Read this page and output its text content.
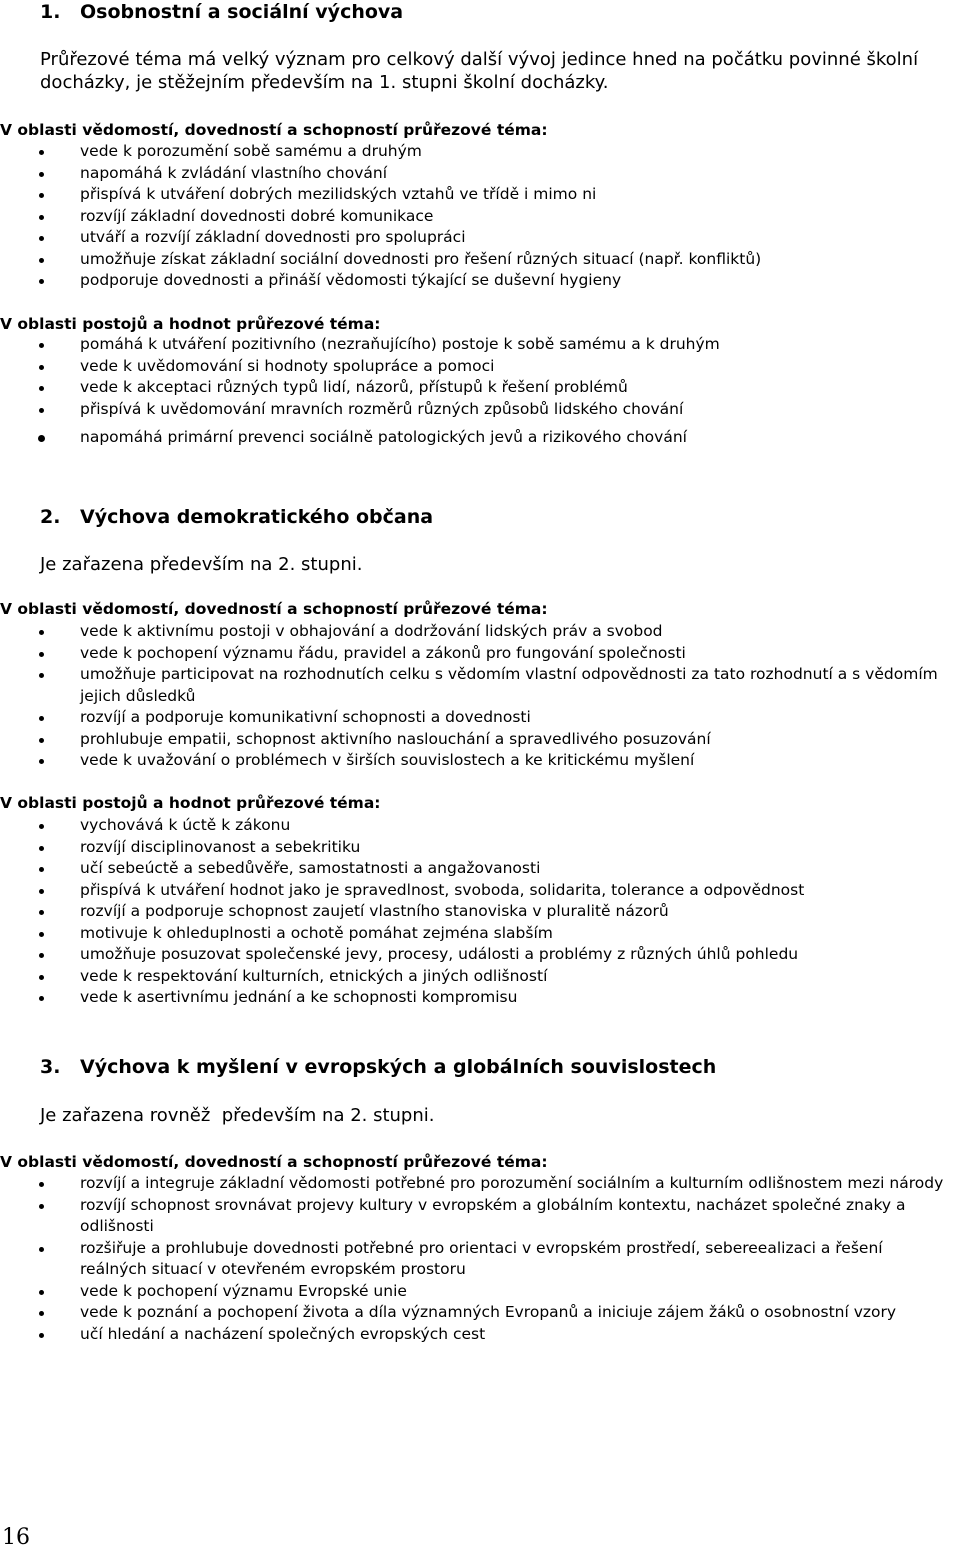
1. Osobnostní a sociální výchova
Průřezové téma má velký význam pro celkový další vývoj jedince hned na počátku povinné školní docházky, je stěžejním především na 1. stupni školní docházky.
V oblasti vědomostí, dovedností a schopností průřezové téma:
vede k porozumění sobě samému a druhým
napomáhá k zvládání vlastního chování
přispívá k utváření dobrých mezilidských vztahů ve třídě i mimo ni
rozvíjí základní dovednosti dobré komunikace
utváří a rozvíjí základní dovednosti pro spolupráci
umožňuje získat základní sociální dovednosti pro řešení různých situací (např. konfliktů)
podporuje dovednosti a přináší vědomosti týkající se duševní hygieny
V oblasti postojů a hodnot průřezové téma:
pomáhá k utváření pozitivního (nezraňujícího) postoje k sobě samému a k druhým
vede k uvědomování si hodnoty spolupráce a pomoci
vede k akceptaci různých typů lidí, názorů, přístupů k řešení problémů
přispívá k uvědomování mravních rozměrů různých způsobů lidského chování
napomáhá primární prevenci sociálně patologických jevů a rizikového chování
2. Výchova demokratického občana
Je zařazena především na 2. stupni.
V oblasti vědomostí, dovedností a schopností průřezové téma:
vede k aktivnímu postoji v obhajování a dodržování lidských práv a svobod
vede k pochopení významu řádu, pravidel a zákonů pro fungování společnosti
umožňuje participovat na rozhodnutích celku s vědomím vlastní odpovědnosti za tato rozhodnutí a s vědomím jejich důsledků
rozvíjí a podporuje komunikativní schopnosti a dovednosti
prohlubuje empatii, schopnost aktivního naslouchání a spravedlivého posuzování
vede k uvažování o problémech v širších souvislostech a ke kritickému myšlení
V oblasti postojů a hodnot průřezové téma:
vychovává k úctě k zákonu
rozvíjí disciplinovanost a sebekritiku
učí sebeúctě a sebedůvěře, samostatnosti a angažovanosti
přispívá k utváření hodnot jako je spravedlnost, svoboda, solidarita, tolerance a odpovědnost
rozvíjí a podporuje schopnost zaujetí vlastního stanoviska v pluralitě názorů
motivuje k ohleduplnosti a ochotě pomáhat zejména slabším
umožňuje posuzovat společenské jevy, procesy, události a problémy z různých úhlů pohledu
vede k respektování kulturních, etnických a jiných odlišností
vede k asertivnímu jednání a ke schopnosti kompromisu
3. Výchova k myšlení v evropských a globálních souvislostech
Je zařazena rovněž  především na 2. stupni.
V oblasti vědomostí, dovedností a schopností průřezové téma:
rozvíjí a integruje základní vědomosti potřebné pro porozumění sociálním a kulturním odlišnostem mezi národy
rozvíjí schopnost srovnávat projevy kultury v evropském a globálním kontextu, nacházet společné znaky a odlišnosti
rozšiřuje a prohlubuje dovednosti potřebné pro orientaci v evropském prostředí, sebereealizaci a řešení reálných situací v otevřeném evropském prostoru
vede k pochopení významu Evropské unie
vede k poznání a pochopení života a díla významných Evropanů a iniciuje zájem žáků o osobnostní vzory
učí hledání a nacházení společných evropských cest
16
